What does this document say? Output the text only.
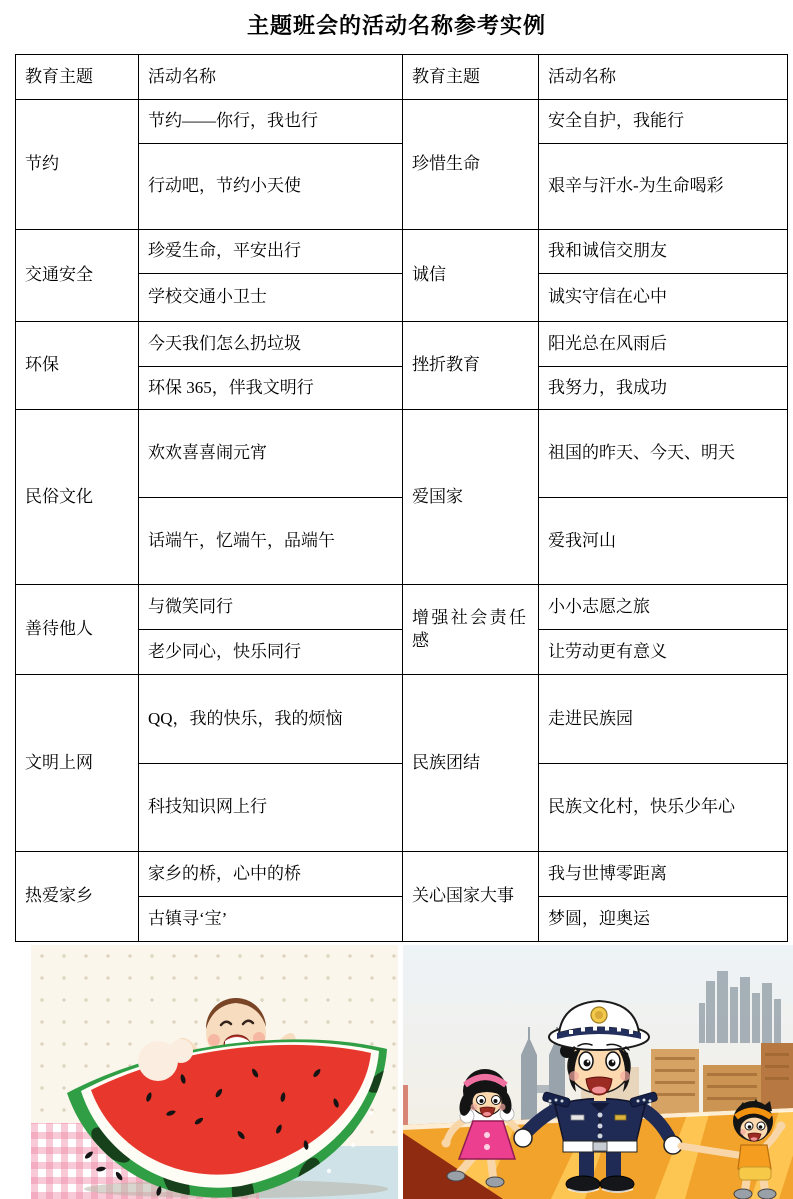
主题班会的活动名称参考实例
教育主题	活动名称	教育主题	活动名称
节约	节约——你行，我也行	珍惜生命	安全自护，我能行
	行动吧，节约小天使		艰辛与汗水-为生命喝彩
交通安全	珍爱生命，平安出行	诚信	我和诚信交朋友
	学校交通小卫士		诚实守信在心中
环保	今天我们怎么扔垃圾	挫折教育	阳光总在风雨后
	环保 365，伴我文明行		我努力，我成功
民俗文化	欢欢喜喜闹元宵	爱国家	祖国的昨天、今天、明天
	话端午，忆端午，品端午		爱我河山
善待他人	与微笑同行	增强社会责任感	小小志愿之旅
	老少同心，快乐同行		让劳动更有意义
文明上网	QQ，我的快乐，我的烦恼	民族团结	走进民族园
	科技知识网上行		民族文化村，快乐少年心
热爱家乡	家乡的桥，心中的桥	关心国家大事	我与世博零距离
	古镇寻‘宝’		梦圆，迎奥运
